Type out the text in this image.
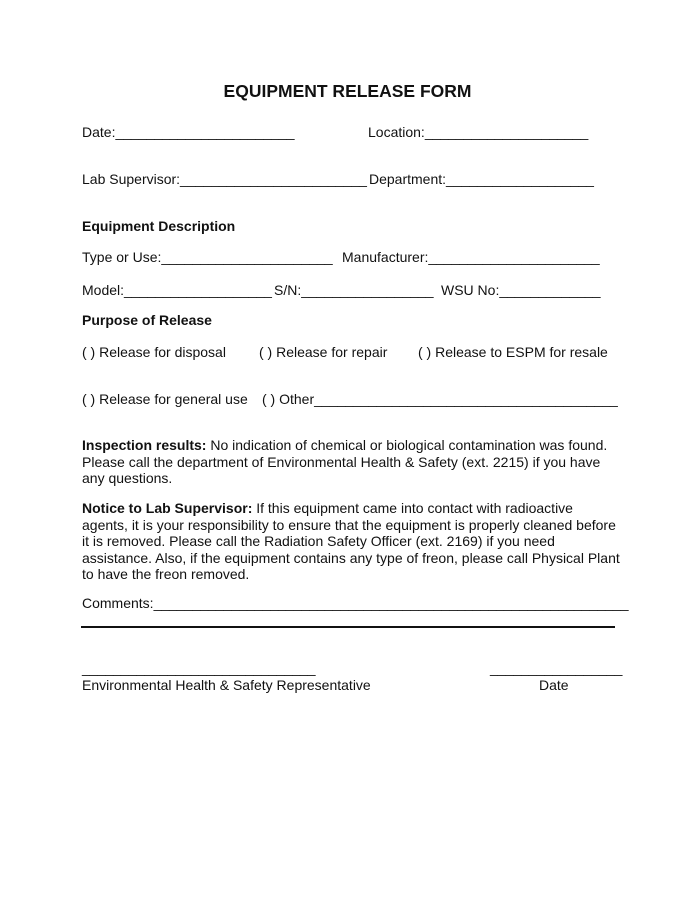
EQUIPMENT RELEASE FORM
Date:_______________________	Location:_____________________
Lab Supervisor:________________________ Department:___________________
Equipment Description
Type or Use:______________________ Manufacturer:______________________
Model:___________________ S/N:_________________ WSU No:_____________
Purpose of Release
( ) Release for disposal ( ) Release for repair ( ) Release to ESPM for resale
( ) Release for general use ( ) Other_______________________________________
Inspection results: No indication of chemical or biological contamination was found. Please call the department of Environmental Health & Safety (ext. 2215) if you have any questions.
Notice to Lab Supervisor: If this equipment came into contact with radioactive agents, it is your responsibility to ensure that the equipment is properly cleaned before it is removed. Please call the Radiation Safety Officer (ext. 2169) if you need assistance. Also, if the equipment contains any type of freon, please call Physical Plant to have the freon removed.
Comments:_____________________________________________________________
______________________________
Environmental Health & Safety Representative
_________________
Date
